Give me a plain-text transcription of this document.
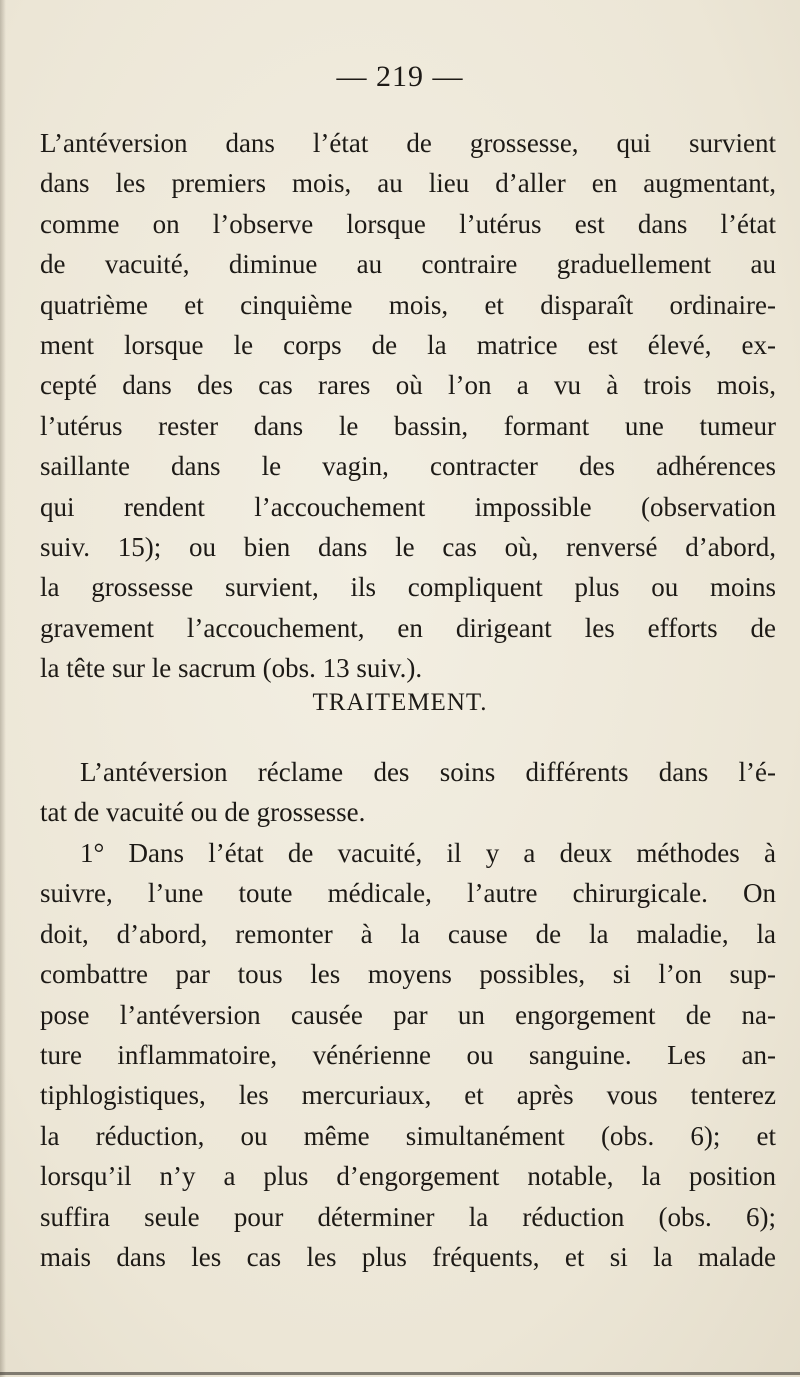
— 219 —
L’antéversion dans l’état de grossesse, qui survient
dans les premiers mois, au lieu d’aller en augmentant,
comme on l’observe lorsque l’utérus est dans l’état
de vacuité, diminue au contraire graduellement au
quatrième et cinquième mois, et disparaît ordinaire-
ment lorsque le corps de la matrice est élevé, ex-
cepté dans des cas rares où l’on a vu à trois mois,
l’utérus rester dans le bassin, formant une tumeur
saillante dans le vagin, contracter des adhérences
qui rendent l’accouchement impossible (observation
suiv. 15); ou bien dans le cas où, renversé d’abord,
la grossesse survient, ils compliquent plus ou moins
gravement l’accouchement, en dirigeant les efforts de
la tête sur le sacrum (obs. 13 suiv.).
TRAITEMENT.
L’antéversion réclame des soins différents dans l’é-
tat de vacuité ou de grossesse.
1° Dans l’état de vacuité, il y a deux méthodes à
suivre, l’une toute médicale, l’autre chirurgicale. On
doit, d’abord, remonter à la cause de la maladie, la
combattre par tous les moyens possibles, si l’on sup-
pose l’antéversion causée par un engorgement de na-
ture inflammatoire, vénérienne ou sanguine. Les an-
tiphlogistiques, les mercuriaux, et après vous tenterez
la réduction, ou même simultanément (obs. 6); et
lorsqu’il n’y a plus d’engorgement notable, la position
suffira seule pour déterminer la réduction (obs. 6);
mais dans les cas les plus fréquents, et si la malade
